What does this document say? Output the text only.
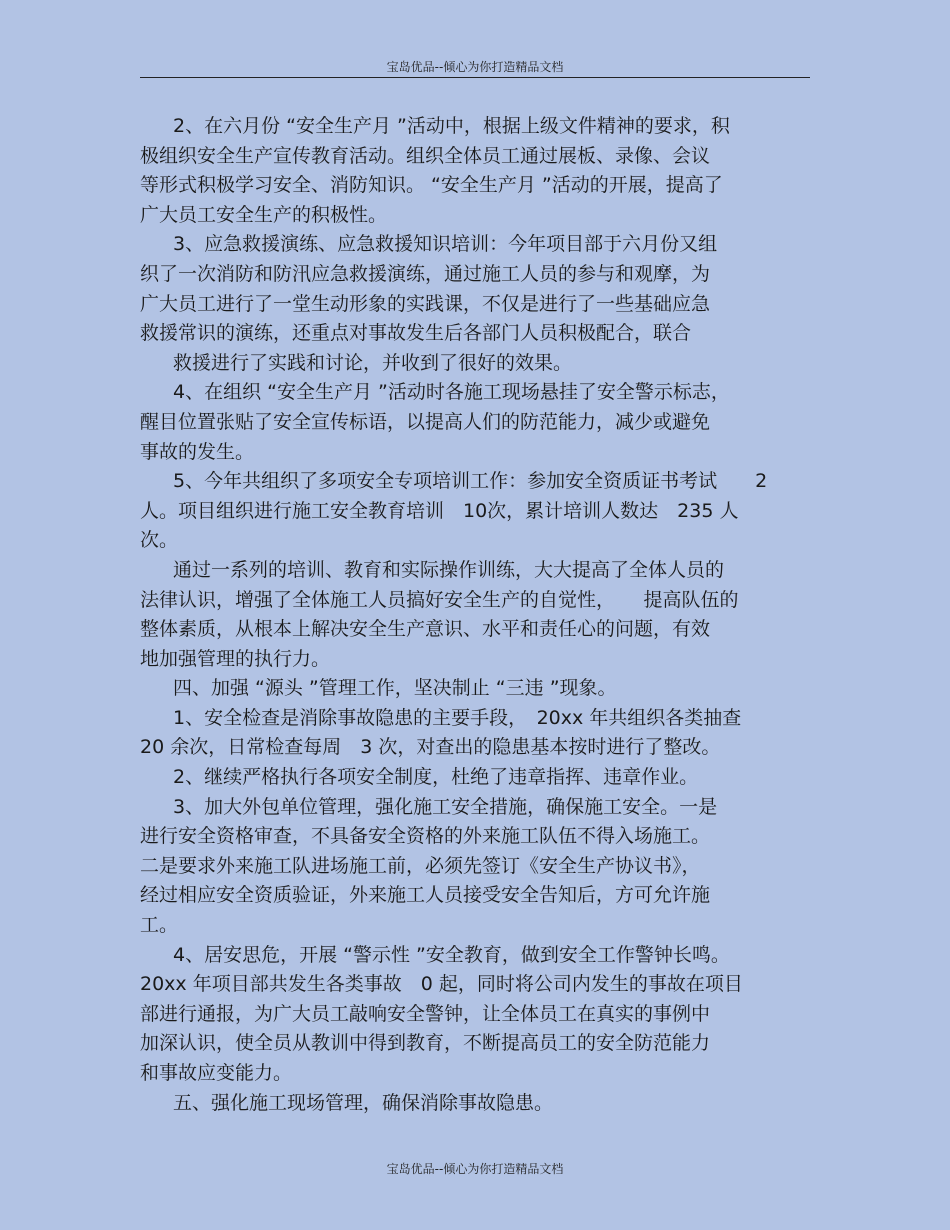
宝岛优品--倾心为你打造精品文档
2、在六月份 “安全生产月 ”活动中，根据上级文件精神的要求，积
极组织安全生产宣传教育活动。组织全体员工通过展板、录像、会议
等形式积极学习安全、消防知识。 “安全生产月 ”活动的开展，提高了
广大员工安全生产的积极性。
3、应急救援演练、应急救援知识培训：今年项目部于六月份又组
织了一次消防和防汛应急救援演练，通过施工人员的参与和观摩，为
广大员工进行了一堂生动形象的实践课，不仅是进行了一些基础应急
救援常识的演练，还重点对事故发生后各部门人员积极配合，联合
救援进行了实践和讨论，并收到了很好的效果。
4、在组织 “安全生产月 ”活动时各施工现场悬挂了安全警示标志，
醒目位置张贴了安全宣传标语，以提高人们的防范能力，减少或避免
事故的发生。
5、今年共组织了多项安全专项培训工作：参加安全资质证书考试　　2
人。项目组织进行施工安全教育培训　10次，累计培训人数达　235 人
次。
通过一系列的培训、教育和实际操作训练，大大提高了全体人员的
法律认识，增强了全体施工人员搞好安全生产的自觉性，　　提高队伍的
整体素质，从根本上解决安全生产意识、水平和责任心的问题，有效
地加强管理的执行力。
四、加强 “源头 ”管理工作，坚决制止 “三违 ”现象。
1、安全检查是消除事故隐患的主要手段，　20xx 年共组织各类抽查
20 余次，日常检查每周　3 次，对查出的隐患基本按时进行了整改。
2、继续严格执行各项安全制度，杜绝了违章指挥、违章作业。
3、加大外包单位管理，强化施工安全措施，确保施工安全。一是
进行安全资格审查，不具备安全资格的外来施工队伍不得入场施工。
二是要求外来施工队进场施工前，必须先签订《安全生产协议书》，
经过相应安全资质验证，外来施工人员接受安全告知后，方可允许施
工。
4、居安思危，开展 “警示性 ”安全教育，做到安全工作警钟长鸣。
20xx 年项目部共发生各类事故　0 起，同时将公司内发生的事故在项目
部进行通报，为广大员工敲响安全警钟，让全体员工在真实的事例中
加深认识，使全员从教训中得到教育，不断提高员工的安全防范能力
和事故应变能力。
五、强化施工现场管理，确保消除事故隐患。
宝岛优品--倾心为你打造精品文档
